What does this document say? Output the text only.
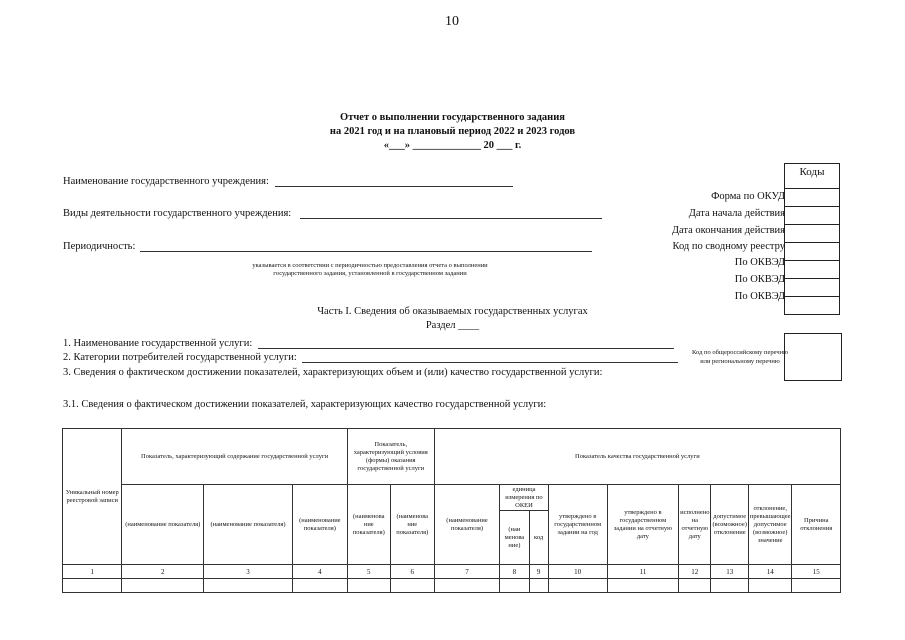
10
Отчет о выполнении государственного задания
на 2021 год и на плановый период 2022 и 2023 годов
«___» _____________ 20 ___ г.
Наименование государственного учреждения:
Виды деятельности государственного учреждения:
Периодичность:
указывается в соответствии с периодичностью предоставления отчета о выполнении
государственного задания, установленной в государственном задании
Коды
Форма по ОКУД
Дата начала действия
Дата окончания действия
Код по сводному реестру
По ОКВЭД
По ОКВЭД
По ОКВЭД
Часть I. Сведения об оказываемых государственных услугах
Раздел ____
1. Наименование государственной услуги:
2. Категории потребителей государственной услуги:
3. Сведения о фактическом достижении показателей, характеризующих объем и (или) качество государственной услуги:
Код по общероссийскому перечню или региональному перечню
3.1. Сведения о фактическом достижении показателей, характеризующих качество государственной услуги:
Уникальный номер реестровой записи	Показатель, характеризующий содержание государственной услуги			Показатель, характеризующий условия (формы) оказания государственной услуги		Показатель качества государственной услуги								
	(наименование показателя)	(наименование показателя)	(наименование показателя)	(наименова ние показателя)	(наименова ние показателя)	(наименование показателя)	единица измерения по ОКЕИ		утверждено в государственном задании на год	утверждено в государственном задании на отчетную дату	исполнено на отчетную дату	допустимое (возможное) отклонение	отклонение, превышающее допустимое (возможное) значение	Причина отклонения
							(наи менова ние)	код						
1	2	3	4	5	6	7	8	9	10	11	12	13	14	15
